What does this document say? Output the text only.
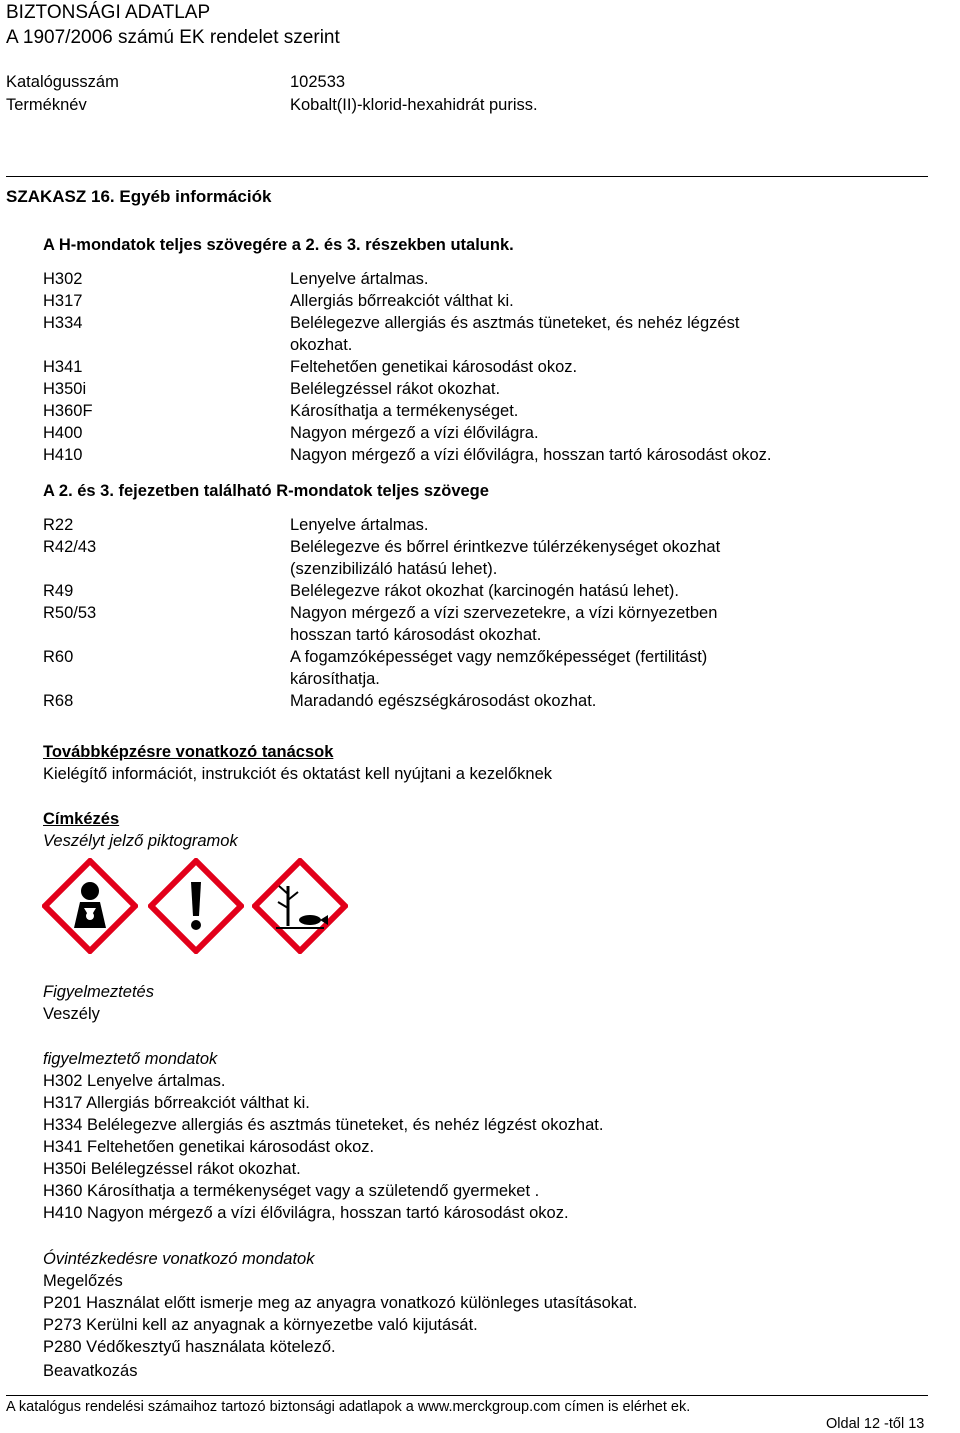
BIZTONSÁGI ADATLAP
A 1907/2006 számú EK rendelet szerint
Katalógusszám	102533
Terméknév	Kobalt(II)-klorid-hexahidrát puriss.
SZAKASZ 16. Egyéb információk
A H-mondatok teljes szövegére a 2. és 3. részekben utalunk.
H302	Lenyelve ártalmas.
H317	Allergiás bőrreakciót válthat ki.
H334	Belélegezve allergiás és asztmás tüneteket, és nehéz légzést
okozhat.
H341	Feltehetően genetikai károsodást okoz.
H350i	Belélegzéssel rákot okozhat.
H360F	Károsíthatja a termékenységet.
H400	Nagyon mérgező a vízi élővilágra.
H410	Nagyon mérgező a vízi élővilágra, hosszan tartó károsodást okoz.
A 2. és 3. fejezetben található R-mondatok teljes szövege
R22	Lenyelve ártalmas.
R42/43	Belélegezve és bőrrel érintkezve túlérzékenységet okozhat
(szenzibilizáló hatású lehet).
R49	Belélegezve rákot okozhat (karcinogén hatású lehet).
R50/53	Nagyon mérgező a vízi szervezetekre, a vízi környezetben
hosszan tartó károsodást okozhat.
R60	A fogamzóképességet vagy nemzőképességet (fertilitást)
károsíthatja.
R68	Maradandó egészségkárosodást okozhat.
Továbbképzésre vonatkozó tanácsok
Kielégítő információt, instrukciót és oktatást kell nyújtani a kezelőknek
Címkézés
Veszélyt jelző piktogramok
Figyelmeztetés
Veszély
figyelmeztető mondatok
H302 Lenyelve ártalmas.
H317 Allergiás bőrreakciót válthat ki.
H334 Belélegezve allergiás és asztmás tüneteket, és nehéz légzést okozhat.
H341 Feltehetően genetikai károsodást okoz.
H350i Belélegzéssel rákot okozhat.
H360 Károsíthatja a termékenységet vagy a születendő gyermeket .
H410 Nagyon mérgező a vízi élővilágra, hosszan tartó károsodást okoz.
Óvintézkedésre vonatkozó mondatok
Megelőzés
P201 Használat előtt ismerje meg az anyagra vonatkozó különleges utasításokat.
P273 Kerülni kell az anyagnak a környezetbe való kijutását.
P280 Védőkesztyű használata kötelező.
Beavatkozás
A katalógus rendelési számaihoz tartozó biztonsági adatlapok a www.merckgroup.com címen is elérhet ek.
Oldal 12 -től 13
